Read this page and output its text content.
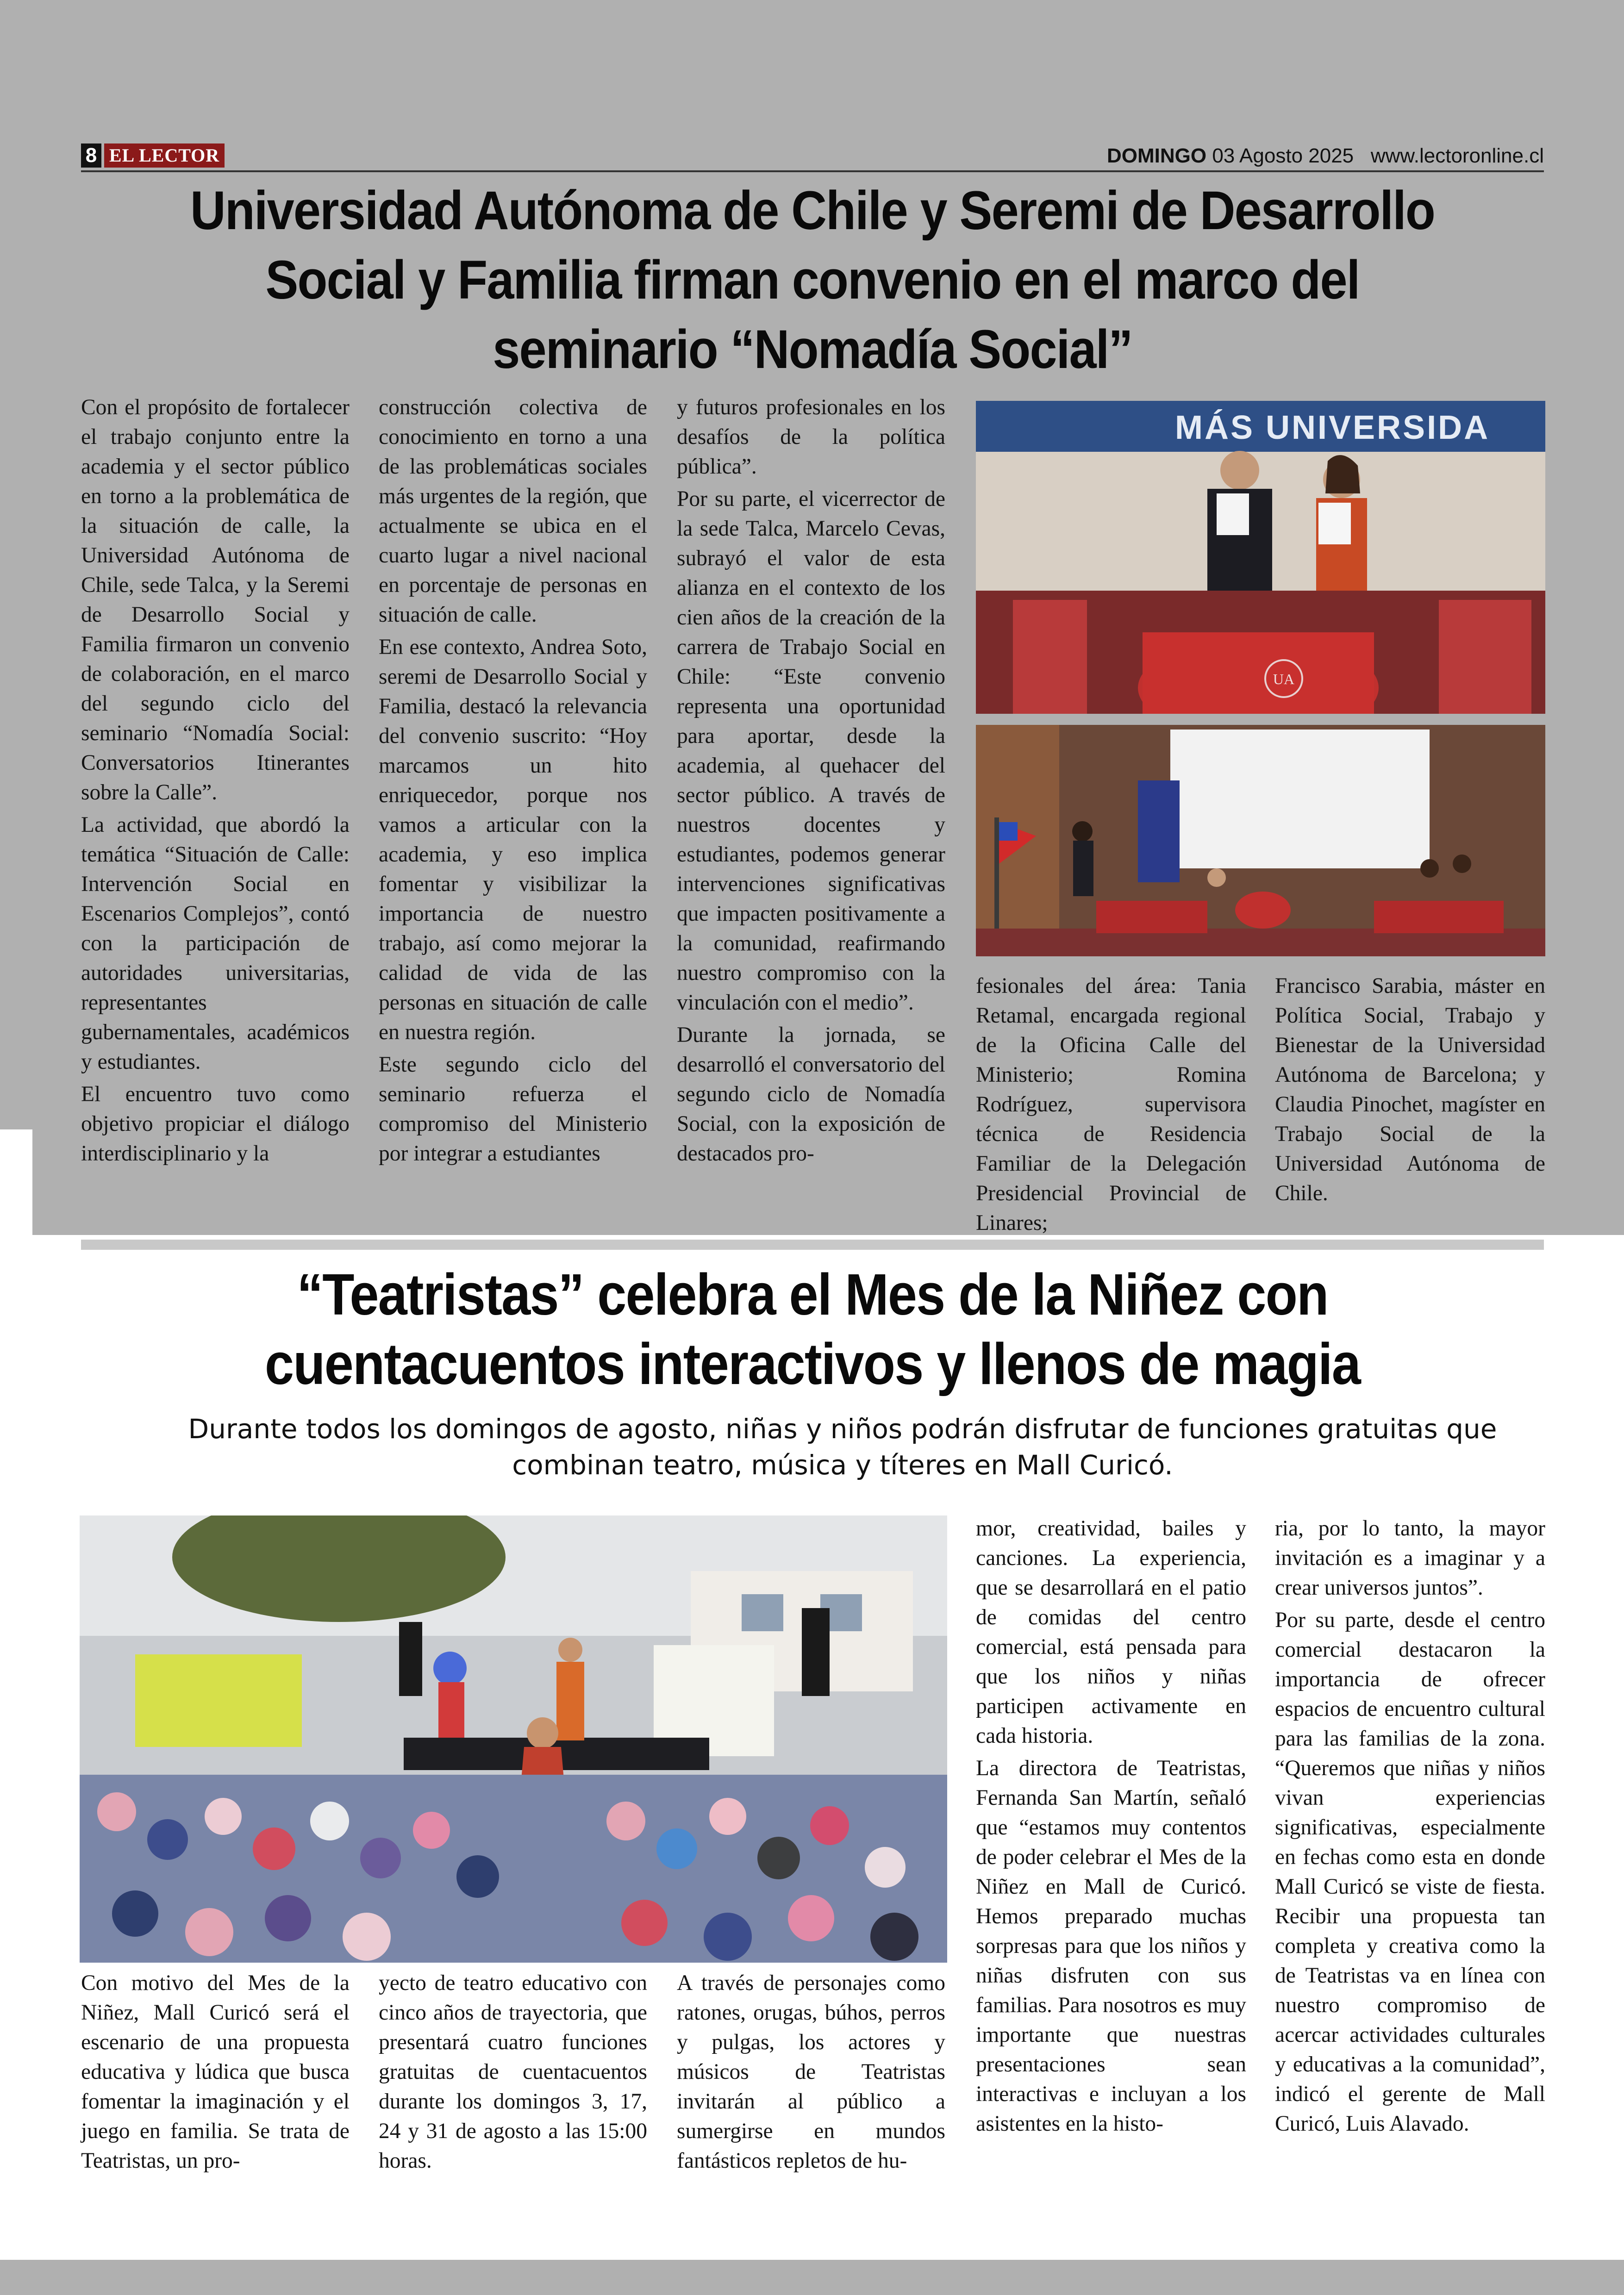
8 EL LECTOR	DOMINGO 03 Agosto 2025 www.lectoronline.cl
Universidad Autónoma de Chile y Seremi de Desarrollo
Social y Familia firman convenio en el marco del
seminario “Nomadía Social”

Con el propósito de fortalecer el trabajo conjunto entre la academia y el sector público en torno a la problemática de la situación de calle, la Universidad Autónoma de Chile, sede Talca, y la Seremi de Desarrollo Social y Familia firmaron un convenio de colaboración, en el marco del segundo ciclo del seminario “Nomadía Social: Conversatorios Itinerantes sobre la Calle”.

La actividad, que abordó la temática “Situación de Calle: Intervención Social en Escenarios Complejos”, contó con la participación de autoridades universitarias, representantes gubernamentales, académicos y estudiantes.

El encuentro tuvo como objetivo propiciar el diálogo interdisciplinario y la

construcción colectiva de conocimiento en torno a una de las problemáticas sociales más urgentes de la región, que actualmente se ubica en el cuarto lugar a nivel nacional en porcentaje de personas en situación de calle.

En ese contexto, Andrea Soto, seremi de Desarrollo Social y Familia, destacó la relevancia del convenio suscrito: “Hoy marcamos un hito enriquecedor, porque nos vamos a articular con la academia, y eso implica fomentar y visibilizar la importancia de nuestro trabajo, así como mejorar la calidad de vida de las personas en situación de calle en nuestra región.

Este segundo ciclo del seminario refuerza el compromiso del Ministerio por integrar a estudiantes

y futuros profesionales en los desafíos de la política pública”.

Por su parte, el vicerrector de la sede Talca, Marcelo Cevas, subrayó el valor de esta alianza en el contexto de los cien años de la creación de la carrera de Trabajo Social en Chile: “Este convenio representa una oportunidad para aportar, desde la academia, al quehacer del sector público. A través de nuestros docentes y estudiantes, podemos generar intervenciones significativas que impacten positivamente a la comunidad, reafirmando nuestro compromiso con la vinculación con el medio”.

Durante la jornada, se desarrolló el conversatorio del segundo ciclo de Nomadía Social, con la exposición de destacados pro-

fesionales del área: Tania Retamal, encargada regional de la Oficina Calle del Ministerio; Romina Rodríguez, supervisora técnica de Residencia Familiar de la Delegación Presidencial Provincial de Linares;

Francisco Sarabia, máster en Política Social, Trabajo y Bienestar de la Universidad Autónoma de Barcelona; y Claudia Pinochet, magíster en Trabajo Social de la Universidad Autónoma de Chile.

MÁS UNIVERSIDA
UA
“Teatristas” celebra el Mes de la Niñez con
cuentacuentos interactivos y llenos de magia
Durante todos los domingos de agosto, niñas y niños podrán disfrutar de funciones gratuitas que combinan teatro, música y títeres en Mall Curicó.

Con motivo del Mes de la Niñez, Mall Curicó será el escenario de una propuesta educativa y lúdica que busca fomentar la imaginación y el juego en familia. Se trata de Teatristas, un pro-

yecto de teatro educativo con cinco años de trayectoria, que presentará cuatro funciones gratuitas de cuentacuentos durante los domingos 3, 17, 24 y 31 de agosto a las 15:00 horas.

A través de personajes como ratones, orugas, búhos, perros y pulgas, los actores y músicos de Teatristas invitarán al público a sumergirse en mundos fantásticos repletos de hu-

mor, creatividad, bailes y canciones. La experiencia, que se desarrollará en el patio de comidas del centro comercial, está pensada para que los niños y niñas participen activamente en cada historia.

La directora de Teatristas, Fernanda San Martín, señaló que “estamos muy contentos de poder celebrar el Mes de la Niñez en Mall de Curicó. Hemos preparado muchas sorpresas para que los niños y niñas disfruten con sus familias. Para nosotros es muy importante que nuestras presentaciones sean interactivas e incluyan a los asistentes en la histo-

ria, por lo tanto, la mayor invitación es a imaginar y a crear universos juntos”.

Por su parte, desde el centro comercial destacaron la importancia de ofrecer espacios de encuentro cultural para las familias de la zona. “Queremos que niñas y niños vivan experiencias significativas, especialmente en fechas como esta en donde Mall Curicó se viste de fiesta. Recibir una propuesta tan completa y creativa como la de Teatristas va en línea con nuestro compromiso de acercar actividades culturales y educativas a la comunidad”, indicó el gerente de Mall Curicó, Luis Alavado.
